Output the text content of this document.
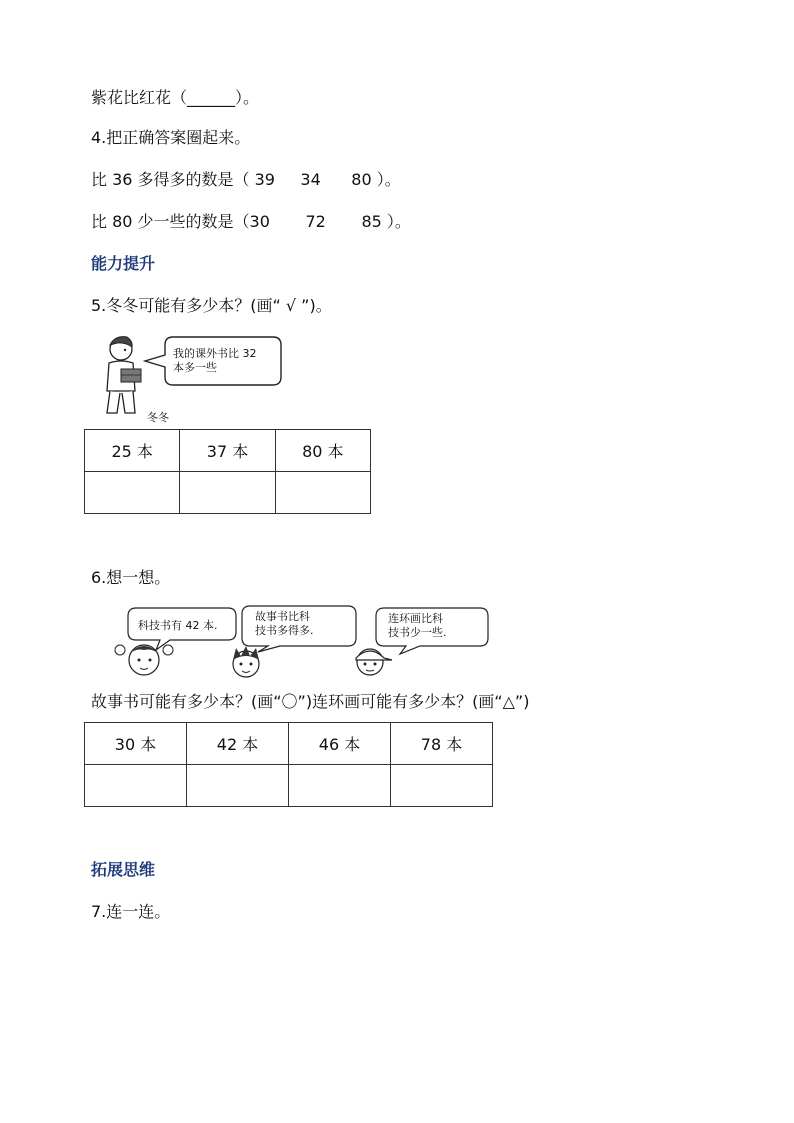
紫花比红花（______）。
4.把正确答案圈起来。
比 36 多得多的数是（ 39     34      80 ）。
比 80 少一些的数是（30       72       85 ）。
能力提升
5.冬冬可能有多少本？(画“ √ ”)。
我的课外书比 32
本多一些
冬冬
25 本	37 本	80 本

6.想一想。
科技书有 42 本.
故事书比科
技书多得多.
连环画比科
技书少一些.
故事书可能有多少本？(画“〇”)连环画可能有多少本？(画“△”)
30 本	42 本	46 本	78 本

拓展思维
7.连一连。
